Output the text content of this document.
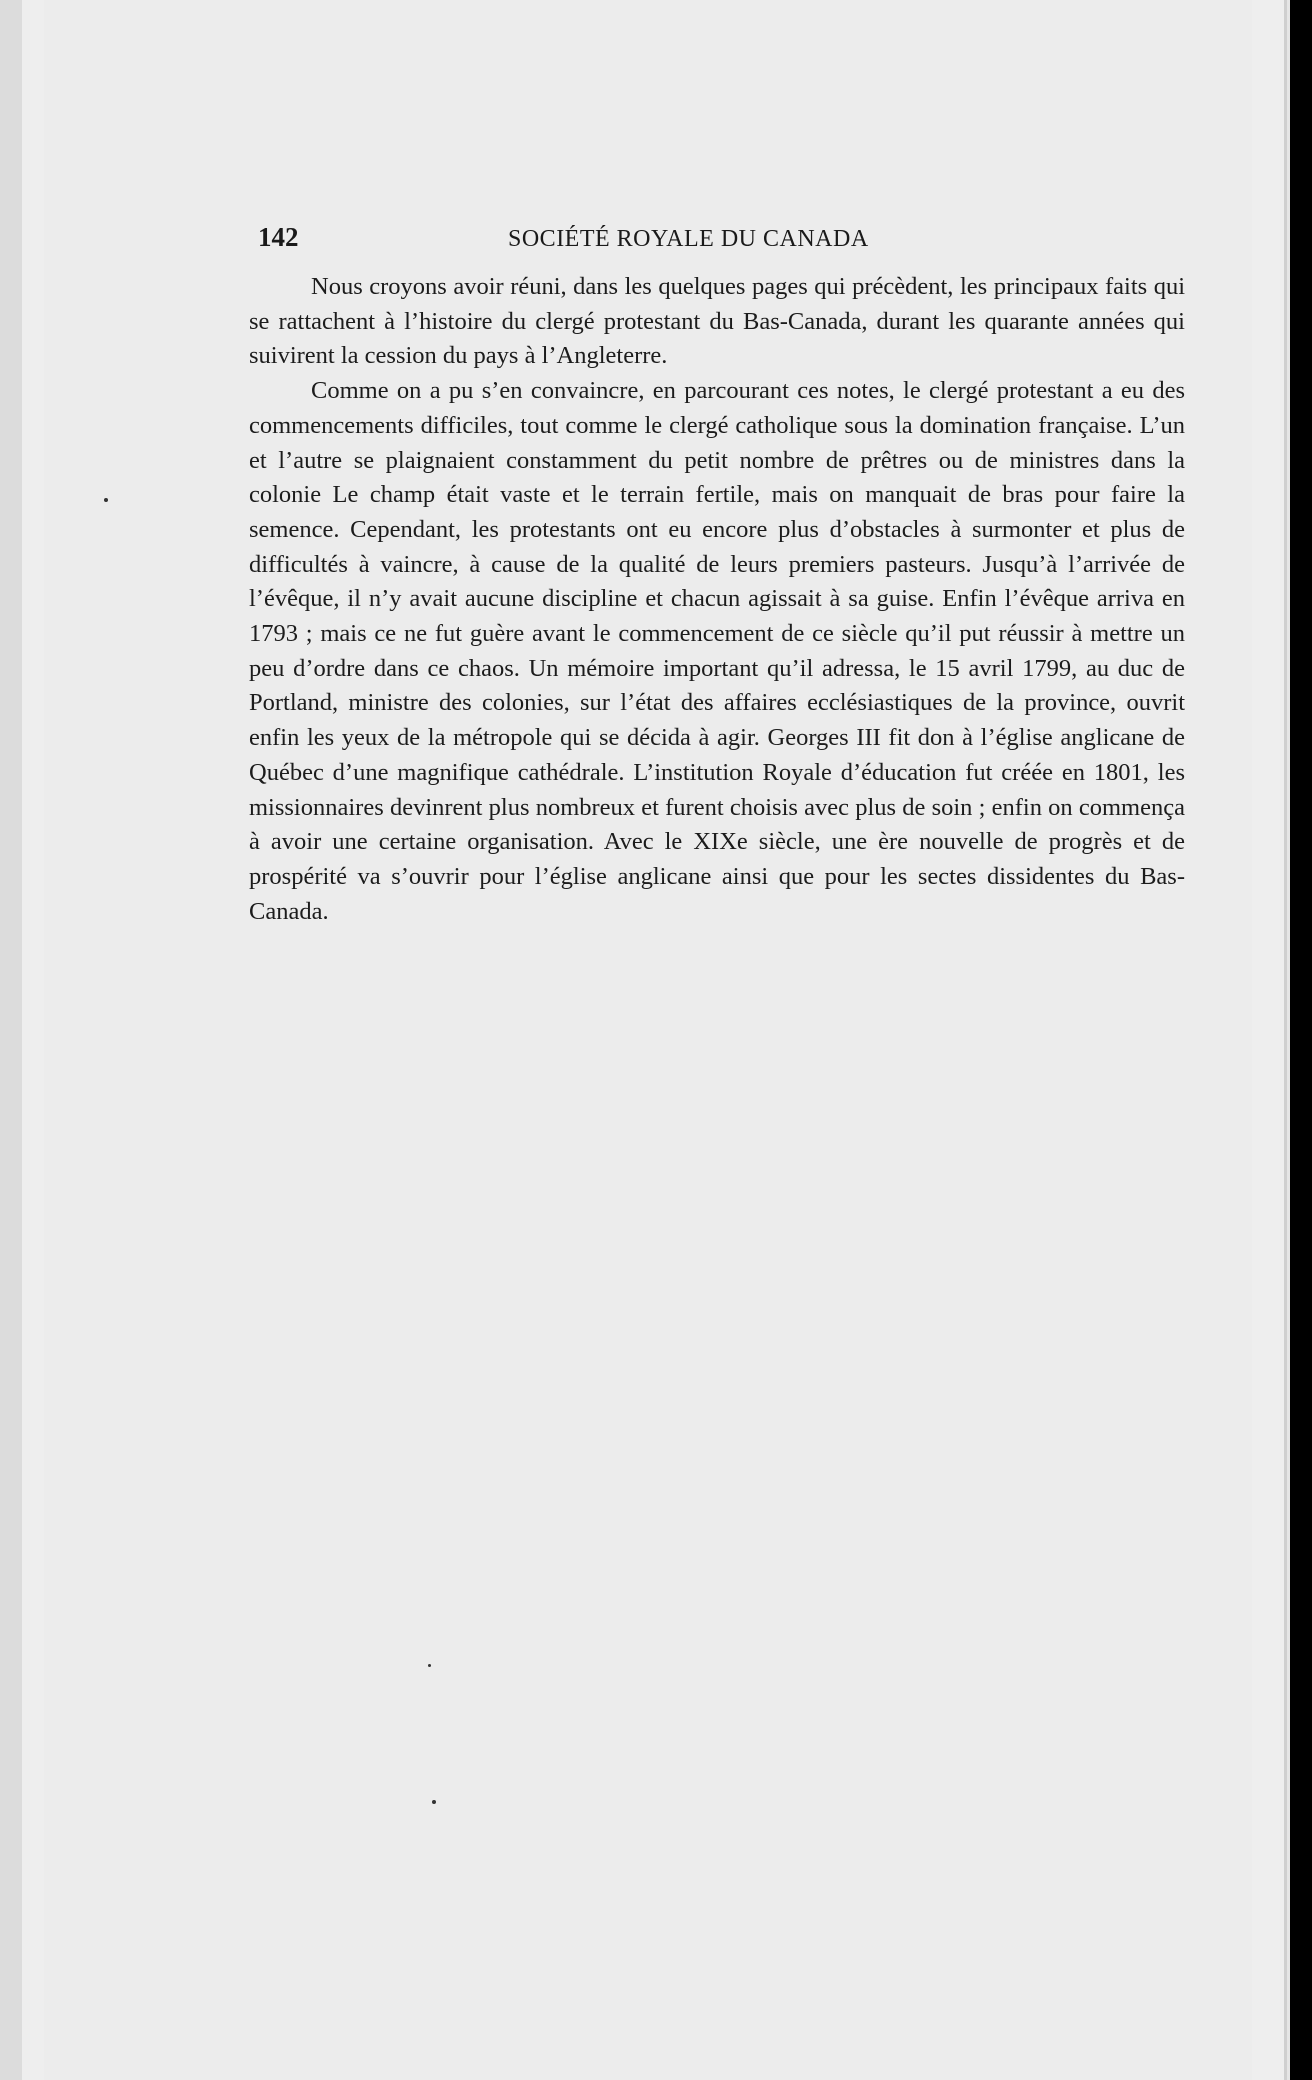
142	SOCIÉTÉ ROYALE DU CANADA

Nous croyons avoir réuni, dans les quelques pages qui précèdent, les principaux faits qui se rattachent à l’histoire du clergé protestant du Bas-Canada, durant les quarante années qui suivirent la cession du pays à l’Angleterre.

Comme on a pu s’en convaincre, en parcourant ces notes, le clergé protestant a eu des commencements difficiles, tout comme le clergé catholique sous la domination française. L’un et l’autre se plaignaient constamment du petit nombre de prêtres ou de ministres dans la colonie Le champ était vaste et le terrain fertile, mais on manquait de bras pour faire la semence. Cependant, les protestants ont eu encore plus d’obstacles à surmonter et plus de difficultés à vaincre, à cause de la qualité de leurs premiers pasteurs. Jusqu’à l’arrivée de l’évêque, il n’y avait aucune discipline et chacun agissait à sa guise. Enfin l’évêque arriva en 1793 ; mais ce ne fut guère avant le commencement de ce siècle qu’il put réussir à mettre un peu d’ordre dans ce chaos. Un mémoire important qu’il adressa, le 15 avril 1799, au duc de Portland, ministre des colonies, sur l’état des affaires ecclésiastiques de la province, ouvrit enfin les yeux de la métropole qui se décida à agir. Georges III fit don à l’église anglicane de Québec d’une magnifique cathédrale. L’institution Royale d’éducation fut créée en 1801, les missionnaires devinrent plus nombreux et furent choisis avec plus de soin ; enfin on commença à avoir une certaine organisation. Avec le XIXe siècle, une ère nouvelle de progrès et de prospérité va s’ouvrir pour l’église anglicane ainsi que pour les sectes dissidentes du Bas-Canada.
